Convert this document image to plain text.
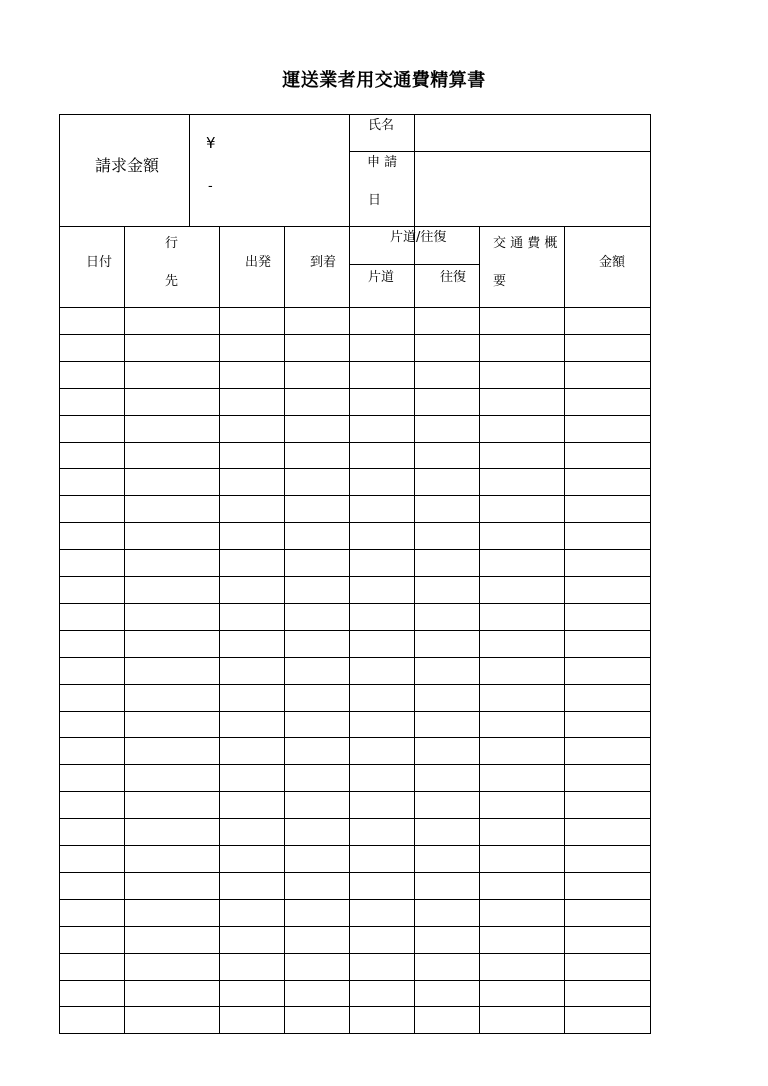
運送業者用交通費精算書
請求金額
¥
-
氏名
申 請
日
日付
行
先
出発	到着
片道/往復
片道	往復
交 通 費 概
要
金額
